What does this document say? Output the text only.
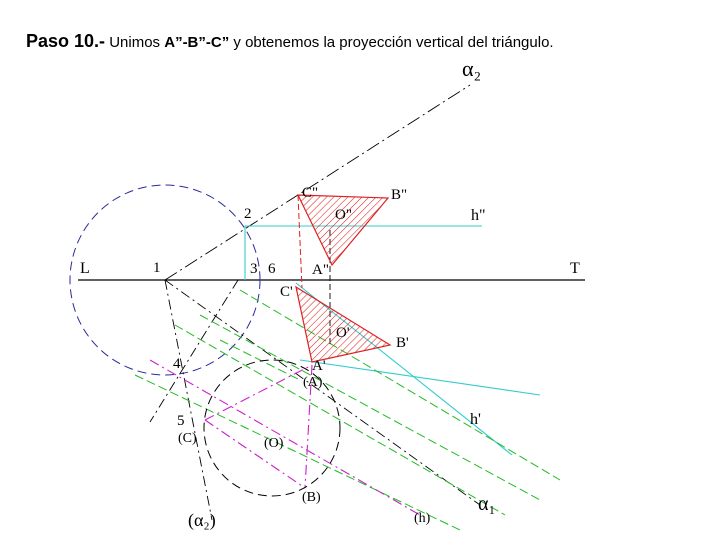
Paso 10.- Unimos A”-B”-C” y obtenemos la proyección vertical del triángulo.
α₂
α₁
(α₂)	(h)
h'
h"
L	T
1
2
3 6
4
5
C"	B"
O"
A"
C'
O'
B'
A'
(A)
(C)	(O)
(B)
